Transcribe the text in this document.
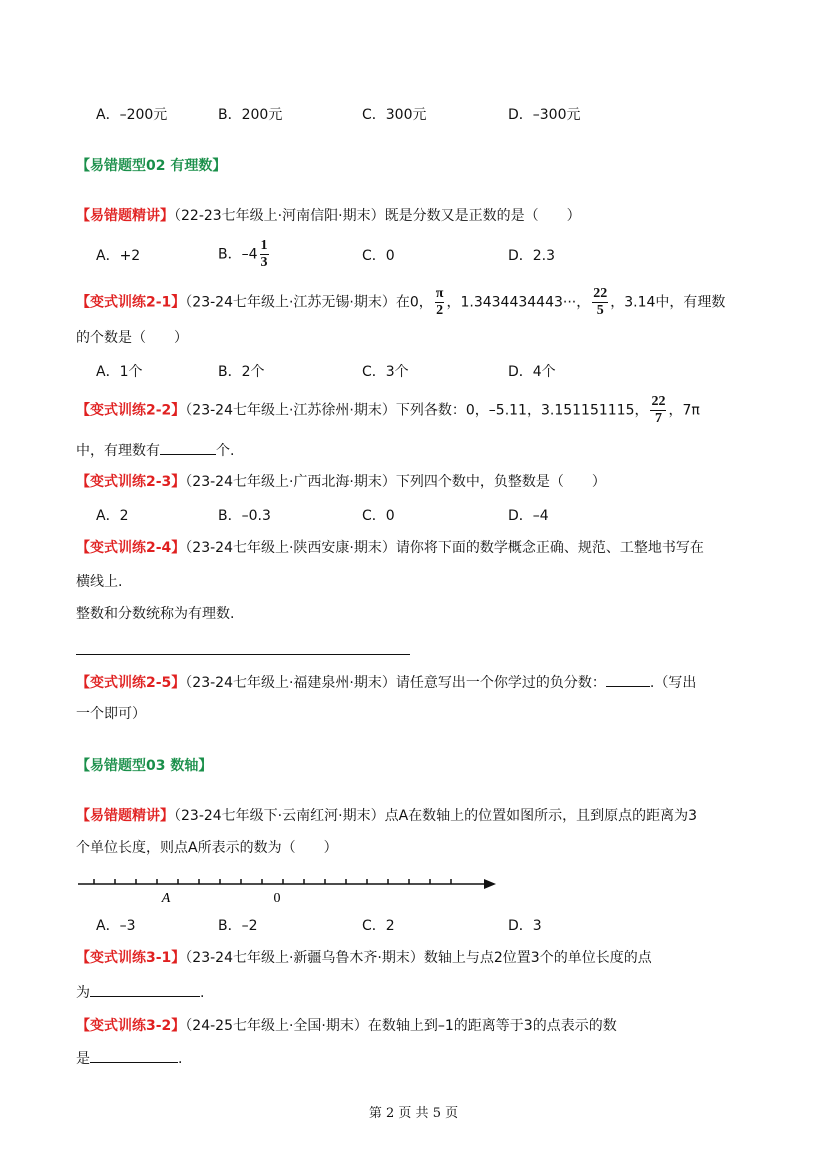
A．–200元	B．200元	C．300元	D．–300元
【易错题型02 有理数】
【易错题精讲】（22-23七年级上·河南信阳·期末）既是分数又是正数的是（　　）
A．+2	B．$-4 \frac{1}{3}$	C．0	D．2.3
【变式训练2-1】（23-24七年级上·江苏无锡·期末）在0， $\frac{\pi}{2}$ ，1.3434434443···， $\frac{22}{5}$ ，3.14中，有理数
的个数是（　　）
A．1个	B．2个	C．3个	D．4个
【变式训练2-2】（23-24七年级上·江苏徐州·期末）下列各数：0，–5.11，3.151151115， $\frac{22}{7}$ ，7π
中，有理数有	个.
【变式训练2-3】（23-24七年级上·广西北海·期末）下列四个数中，负整数是（　　）
A．2	B．–0.3	C．0	D．–4
【变式训练2-4】（23-24七年级上·陕西安康·期末）请你将下面的数学概念正确、规范、工整地书写在
横线上.
整数和分数统称为有理数.
【变式训练2-5】（23-24七年级上·福建泉州·期末）请任意写出一个你学过的负分数：	.（写出
一个即可）
【易错题型03 数轴】
【易错题精讲】（23-24七年级下·云南红河·期末）点A在数轴上的位置如图所示，且到原点的距离为3
个单位长度，则点A所表示的数为（　　）
A	0
A．–3	B．–2	C．2	D．3
【变式训练3-1】（23-24七年级上·新疆乌鲁木齐·期末）数轴上与点2位置3个的单位长度的点
为	.
【变式训练3-2】（24-25七年级上·全国·期末）在数轴上到–1的距离等于3的点表示的数
是	.
第 2 页 共 5 页
